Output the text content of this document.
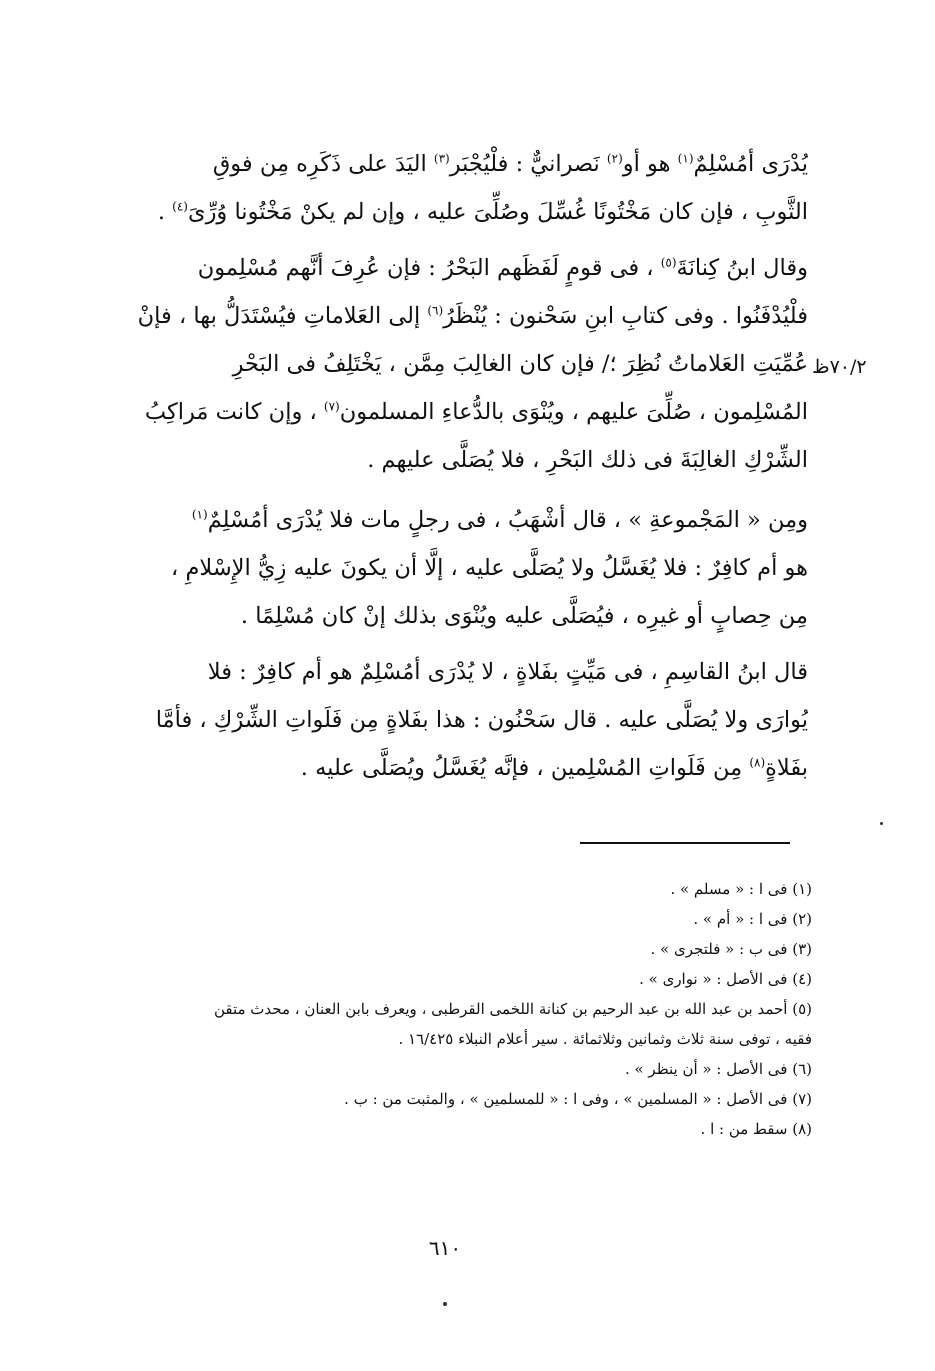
يُدْرَى أمُسْلِمٌ$^{(١)}$ هو أو$^{(٢)}$ نَصرانيٌّ : فلْيُجْبَر$^{(٣)}$ اليَدَ على ذَكَرِه مِن فوقِ
الثَّوبِ ، فإن كان مَخْتُونًا غُسِّلَ وصُلِّىَ عليه ، وإن لم يكنْ مَخْتُونا وُرِّىَ$^{(٤)}$ .
وقال ابنُ كِنانَةَ$^{(٥)}$ ، فى قومٍ لَفَظَهم البَحْرُ : فإن عُرِفَ أنَّهم مُسْلِمون
فلْيُدْفَنُوا . وفى كتابِ ابنِ سَحْنون : يُنْظَرُ$^{(٦)}$ إلى العَلاماتِ فيُسْتَدَلُّ بها ، فإنْ
عُمِّيَتِ العَلاماتُ نُظِرَ ؛/ فإن كان الغالِبَ مِمَّن ، يَخْتَلِفُ فى البَحْرِ
المُسْلِمون ، صُلِّىَ عليهم ، ويُنْوَى بالدُّعاءِ المسلمون$^{(٧)}$ ، وإن كانت مَراكِبُ
الشِّرْكِ الغالِبَةَ فى ذلك البَحْرِ ، فلا يُصَلَّى عليهم .
٧٠/٢ظ
ومِن « المَجْموعةِ » ، قال أشْهَبُ ، فى رجلٍ مات فلا يُدْرَى أمُسْلِمٌ$^{(١)}$
هو أم كافِرٌ : فلا يُغَسَّلُ ولا يُصَلَّى عليه ، إلَّا أن يكونَ عليه زِيُّ الإِسْلامِ ،
مِن حِصابٍ أو غيرِه ، فيُصَلَّى عليه ويُنْوَى بذلك إنْ كان مُسْلِمًا .
قال ابنُ القاسِمِ ، فى مَيِّتٍ بفَلاةٍ ، لا يُدْرَى أمُسْلِمٌ هو أم كافِرٌ : فلا
يُوارَى ولا يُصَلَّى عليه . قال سَحْنُون : هذا بفَلاةٍ مِن فَلَواتِ الشِّرْكِ ، فأمَّا
بفَلاةٍ$^{(٨)}$ مِن فَلَواتِ المُسْلِمين ، فإنَّه يُغَسَّلُ ويُصَلَّى عليه .
(١) فى ا : « مسلم » .
(٢) فى ا : « أم » .
(٣) فى ب : « فلتجرى » .
(٤) فى الأصل : « نوارى » .
(٥) أحمد بن عبد الله بن عبد الرحيم بن كنانة اللخمى القرطبى ، ويعرف بابن العنان ، محدث متقن
فقيه ، توفى سنة ثلاث وثمانين وثلاثمائة . سير أعلام النبلاء ١٦/٤٢٥ .
(٦) فى الأصل : « أن ينظر » .
(٧) فى الأصل : « المسلمين » ، وفى ا : « للمسلمين » ، والمثبت من : ب .
(٨) سقط من : ا .
٦١٠
